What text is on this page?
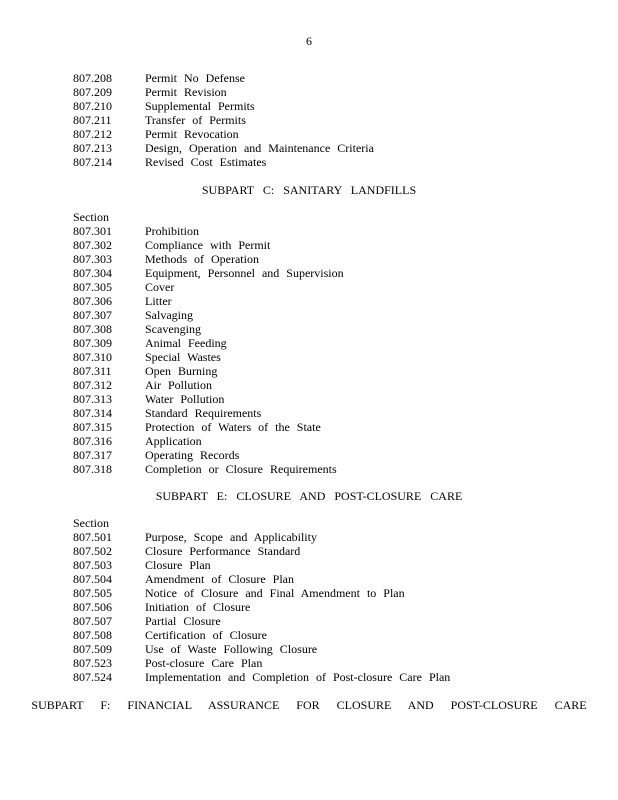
6
807.208	Permit No Defense
807.209	Permit Revision
807.210	Supplemental Permits
807.211	Transfer of Permits
807.212	Permit Revocation
807.213	Design, Operation and Maintenance Criteria
807.214	Revised Cost Estimates
SUBPART C: SANITARY LANDFILLS
Section
807.301	Prohibition
807.302	Compliance with Permit
807.303	Methods of Operation
807.304	Equipment, Personnel and Supervision
807.305	Cover
807.306	Litter
807.307	Salvaging
807.308	Scavenging
807.309	Animal Feeding
807.310	Special Wastes
807.311	Open Burning
807.312	Air Pollution
807.313	Water Pollution
807.314	Standard Requirements
807.315	Protection of Waters of the State
807.316	Application
807.317	Operating Records
807.318	Completion or Closure Requirements
SUBPART E: CLOSURE AND POST-CLOSURE CARE
Section
807.501	Purpose, Scope and Applicability
807.502	Closure Performance Standard
807.503	Closure Plan
807.504	Amendment of Closure Plan
807.505	Notice of Closure and Final Amendment to Plan
807.506	Initiation of Closure
807.507	Partial Closure
807.508	Certification of Closure
807.509	Use of Waste Following Closure
807.523	Post-closure Care Plan
807.524	Implementation and Completion of Post-closure Care Plan
SUBPART F: FINANCIAL ASSURANCE FOR CLOSURE AND POST-CLOSURE CARE
